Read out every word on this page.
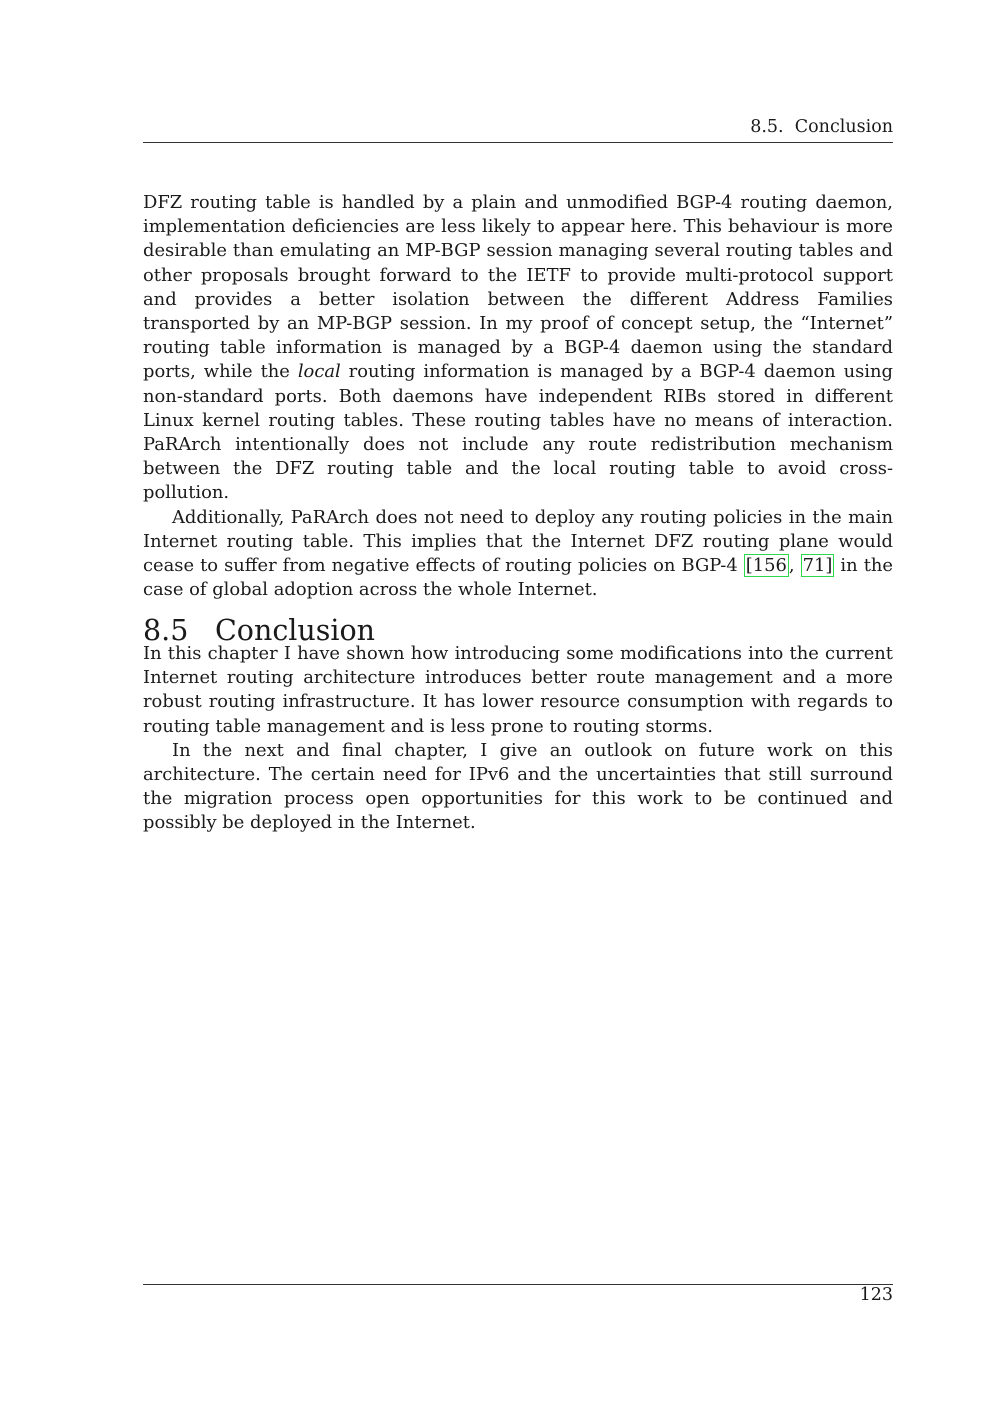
8.5. Conclusion

DFZ routing table is handled by a plain and unmodified BGP-4 routing daemon, implementation deficiencies are less likely to appear here. This behaviour is more desirable than emulating an MP-BGP session managing several routing tables and other proposals brought forward to the IETF to provide multi-protocol support and provides a better isolation between the different Address Families transported by an MP-BGP session. In my proof of concept setup, the “Internet” routing table information is managed by a BGP-4 daemon using the standard ports, while the local routing information is managed by a BGP-4 daemon using non-standard ports. Both daemons have independent RIBs stored in different Linux kernel routing tables. These routing tables have no means of interaction. PaRArch intentionally does not include any route redistribution mechanism between the DFZ routing table and the local routing table to avoid cross-pollution.

Additionally, PaRArch does not need to deploy any routing policies in the main Internet routing table. This implies that the Internet DFZ routing plane would cease to suffer from negative effects of routing policies on BGP-4 [156 , 71] in the case of global adoption across the whole Internet.

8.5 Conclusion

In this chapter I have shown how introducing some modifications into the current Internet routing architecture introduces better route management and a more robust routing infrastructure. It has lower resource consumption with regards to routing table management and is less prone to routing storms.

In the next and final chapter, I give an outlook on future work on this architecture. The certain need for IPv6 and the uncertainties that still surround the migration process open opportunities for this work to be continued and possibly be deployed in the Internet.

123
